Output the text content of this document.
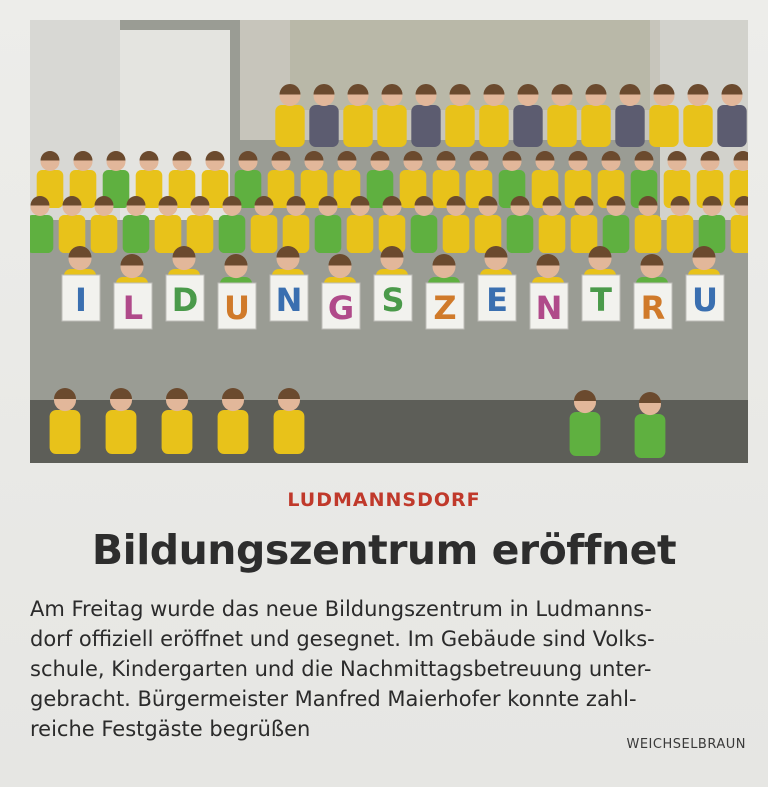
I L D U N G S Z E N T R U
LUDMANNSDORF
Bildungszentrum eröffnet
Am Freitag wurde das neue Bildungszentrum in Ludmanns-
dorf offiziell eröffnet und gesegnet. Im Gebäude sind Volks-
schule, Kindergarten und die Nachmittagsbetreuung unter-
gebracht. Bürgermeister Manfred Maierhofer konnte zahl-
reiche Festgäste begrüßen
WEICHSELBRAUN
